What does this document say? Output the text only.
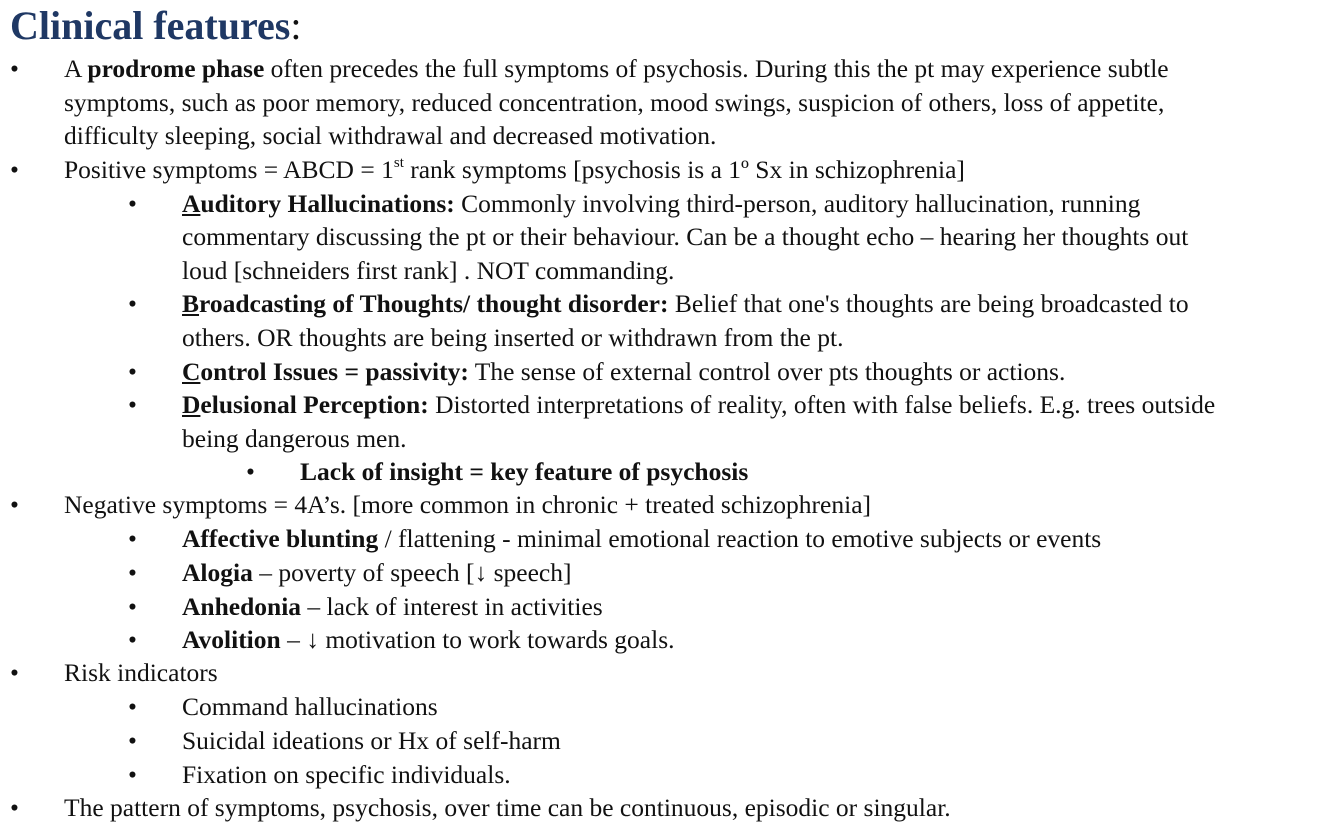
Clinical features:
• A prodrome phase often precedes the full symptoms of psychosis. During this the pt may experience subtle
symptoms, such as poor memory, reduced concentration, mood swings, suspicion of others, loss of appetite,
difficulty sleeping, social withdrawal and decreased motivation.
• Positive symptoms = ABCD = 1st rank symptoms [psychosis is a 1º Sx in schizophrenia]
• Auditory Hallucinations: Commonly involving third-person, auditory hallucination, running
commentary discussing the pt or their behaviour. Can be a thought echo – hearing her thoughts out
loud [schneiders first rank] . NOT commanding.
• Broadcasting of Thoughts/ thought disorder: Belief that one's thoughts are being broadcasted to
others. OR thoughts are being inserted or withdrawn from the pt.
• Control Issues = passivity: The sense of external control over pts thoughts or actions.
• Delusional Perception: Distorted interpretations of reality, often with false beliefs. E.g. trees outside
being dangerous men.
• Lack of insight = key feature of psychosis
• Negative symptoms = 4A’s. [more common in chronic + treated schizophrenia]
• Affective blunting / flattening - minimal emotional reaction to emotive subjects or events
• Alogia – poverty of speech [↓ speech]
• Anhedonia – lack of interest in activities
• Avolition – ↓ motivation to work towards goals.
• Risk indicators
• Command hallucinations
• Suicidal ideations or Hx of self-harm
• Fixation on specific individuals.
• The pattern of symptoms, psychosis, over time can be continuous, episodic or singular.
